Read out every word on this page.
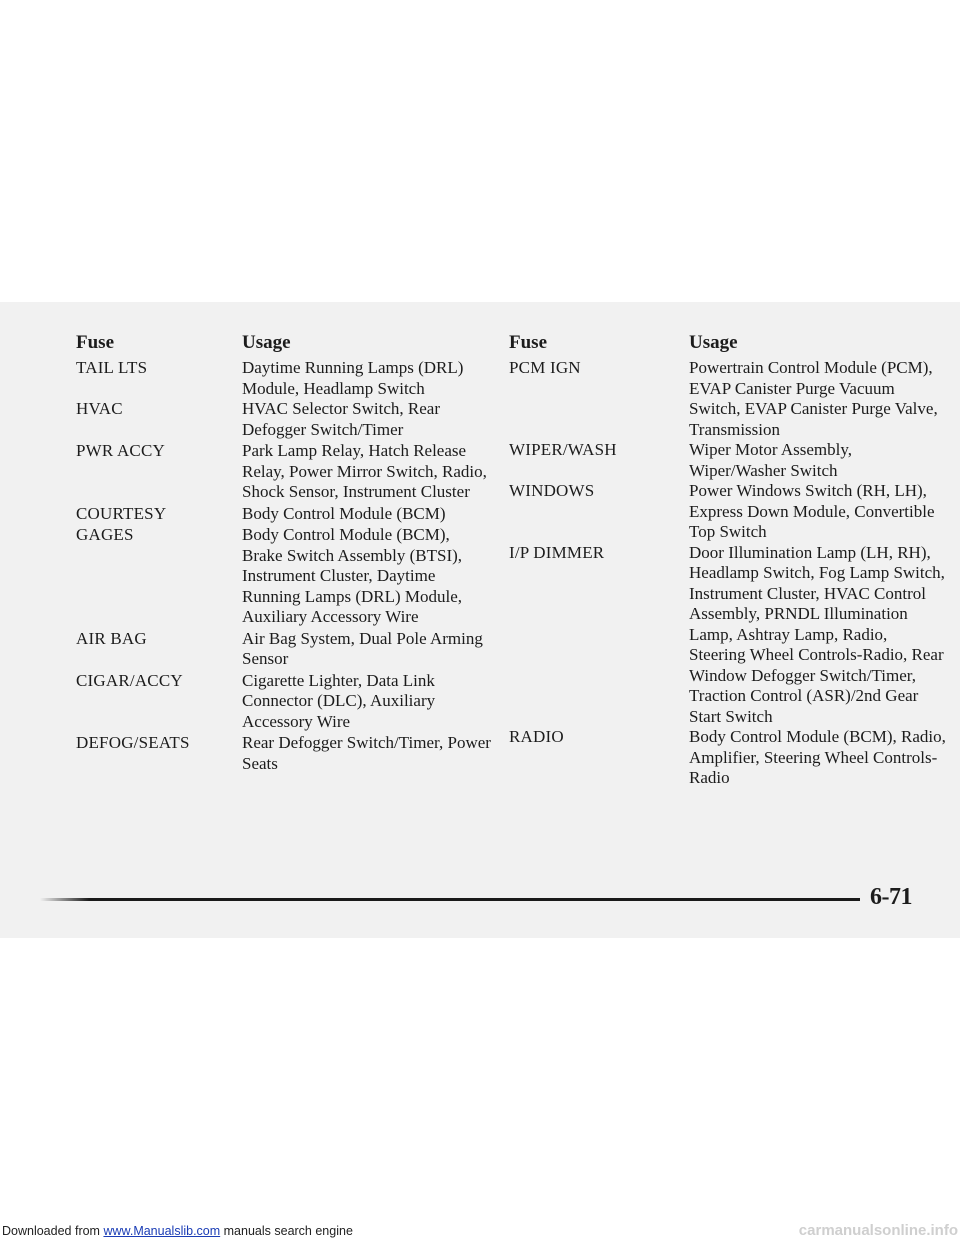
Fuse	Usage
TAIL LTS	Daytime Running Lamps (DRL) Module, Headlamp Switch
HVAC	HVAC Selector Switch, Rear Defogger Switch/Timer
PWR ACCY	Park Lamp Relay, Hatch Release Relay, Power Mirror Switch, Radio, Shock Sensor, Instrument Cluster
COURTESY	Body Control Module (BCM)
GAGES	Body Control Module (BCM), Brake Switch Assembly (BTSI), Instrument Cluster, Daytime Running Lamps (DRL) Module, Auxiliary Accessory Wire
AIR BAG	Air Bag System, Dual Pole Arming Sensor
CIGAR/ACCY	Cigarette Lighter, Data Link Connector (DLC), Auxiliary Accessory Wire
DEFOG/SEATS	Rear Defogger Switch/Timer, Power Seats
Fuse	Usage
PCM IGN	Powertrain Control Module (PCM), EVAP Canister Purge Vacuum Switch, EVAP Canister Purge Valve, Transmission
WIPER/WASH	Wiper Motor Assembly, Wiper/Washer Switch
WINDOWS	Power Windows Switch (RH, LH), Express Down Module, Convertible Top Switch
I/P DIMMER	Door Illumination Lamp (LH, RH), Headlamp Switch, Fog Lamp Switch, Instrument Cluster, HVAC Control Assembly, PRNDL Illumination Lamp, Ashtray Lamp, Radio, Steering Wheel Controls-Radio, Rear Window Defogger Switch/Timer, Traction Control (ASR)/2nd Gear Start Switch
RADIO	Body Control Module (BCM), Radio, Amplifier, Steering Wheel Controls-Radio
6-71
Downloaded from www.Manualslib.com manuals search engine	carmanualsonline.info
